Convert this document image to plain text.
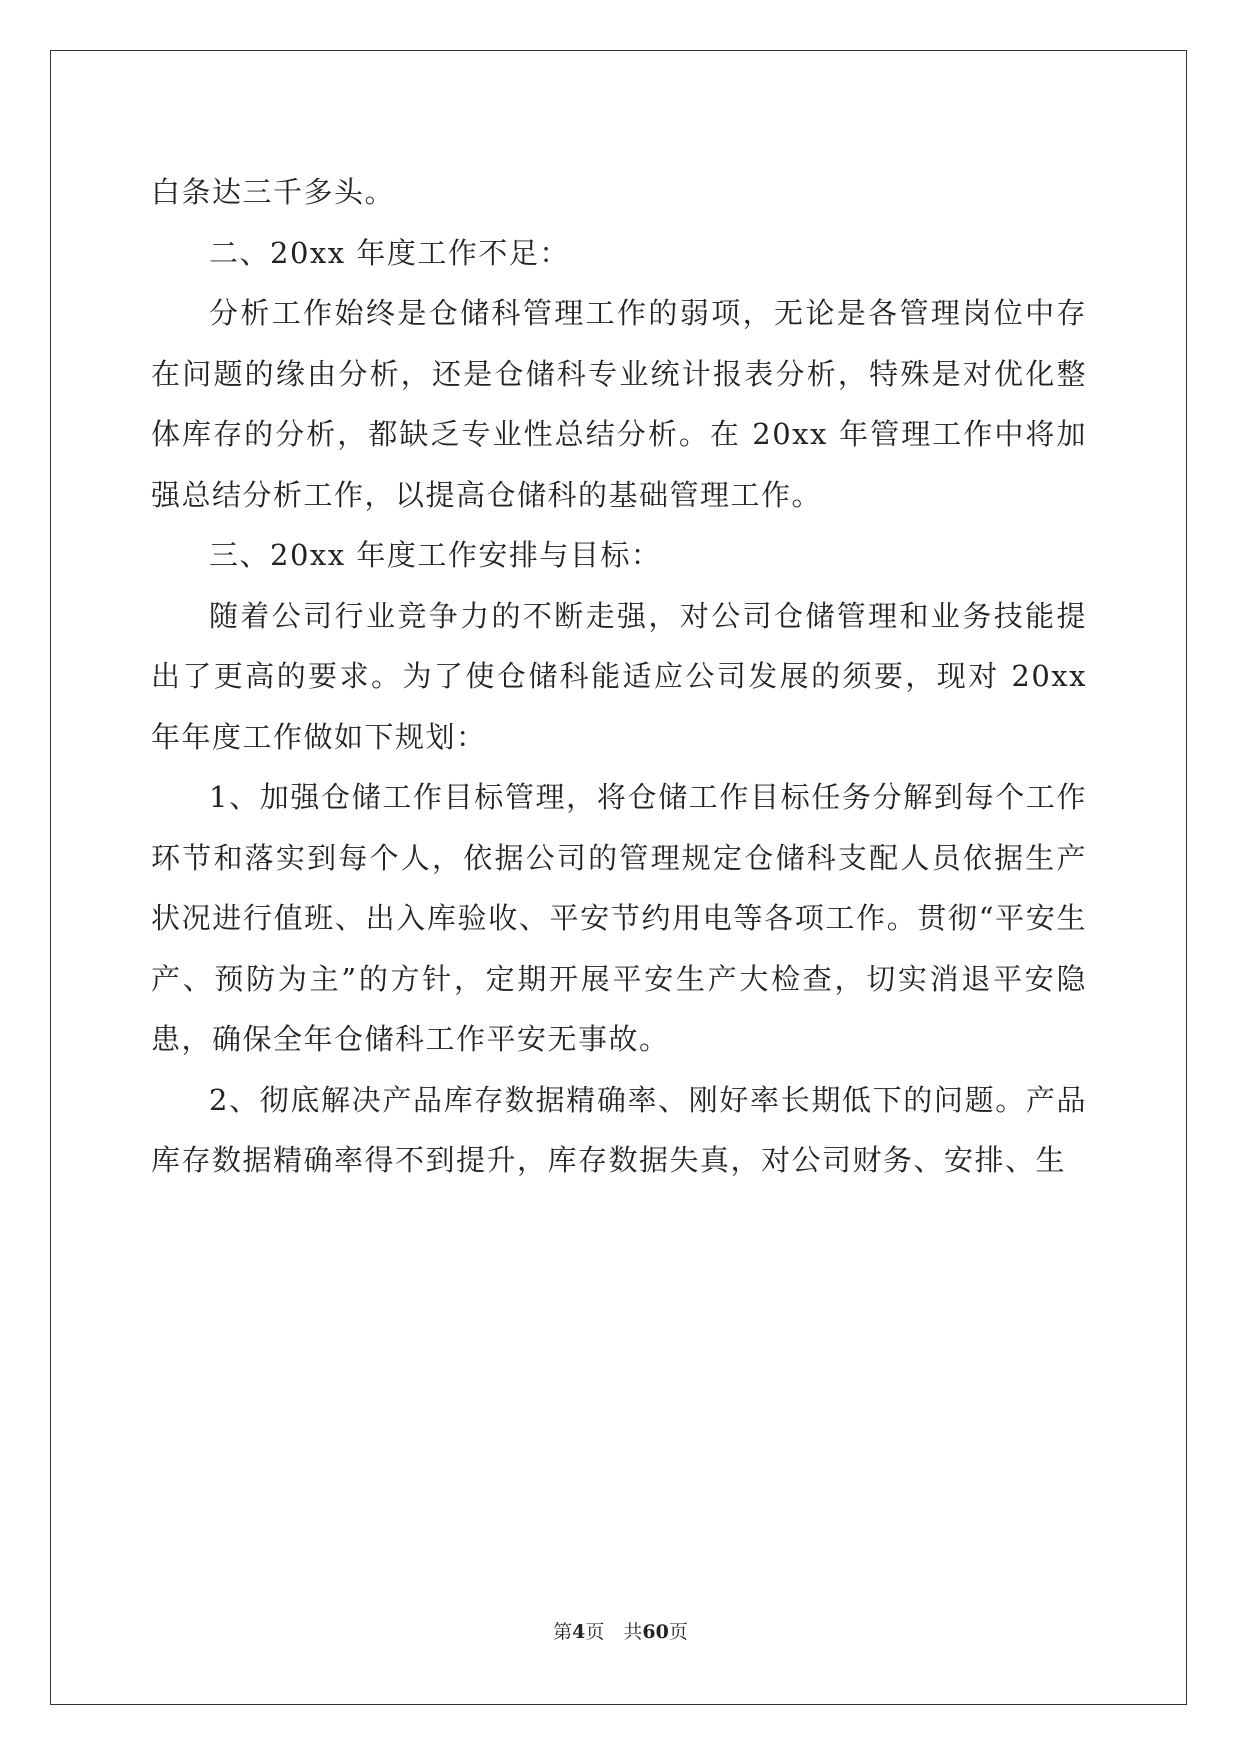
白条达三千多头。

二、20xx 年度工作不足：

分析工作始终是仓储科管理工作的弱项，无论是各管理岗位中存在问题的缘由分析，还是仓储科专业统计报表分析，特殊是对优化整体库存的分析，都缺乏专业性总结分析。在 20xx 年管理工作中将加强总结分析工作，以提高仓储科的基础管理工作。

三、20xx 年度工作安排与目标：

随着公司行业竞争力的不断走强，对公司仓储管理和业务技能提出了更高的要求。为了使仓储科能适应公司发展的须要，现对 20xx 年年度工作做如下规划：

1、加强仓储工作目标管理，将仓储工作目标任务分解到每个工作环节和落实到每个人，依据公司的管理规定仓储科支配人员依据生产状况进行值班、出入库验收、平安节约用电等各项工作。贯彻“平安生产、预防为主”的方针，定期开展平安生产大检查，切实消退平安隐患，确保全年仓储科工作平安无事故。

2、彻底解决产品库存数据精确率、刚好率长期低下的问题。产品库存数据精确率得不到提升，库存数据失真，对公司财务、安排、生

第4页　共60页
